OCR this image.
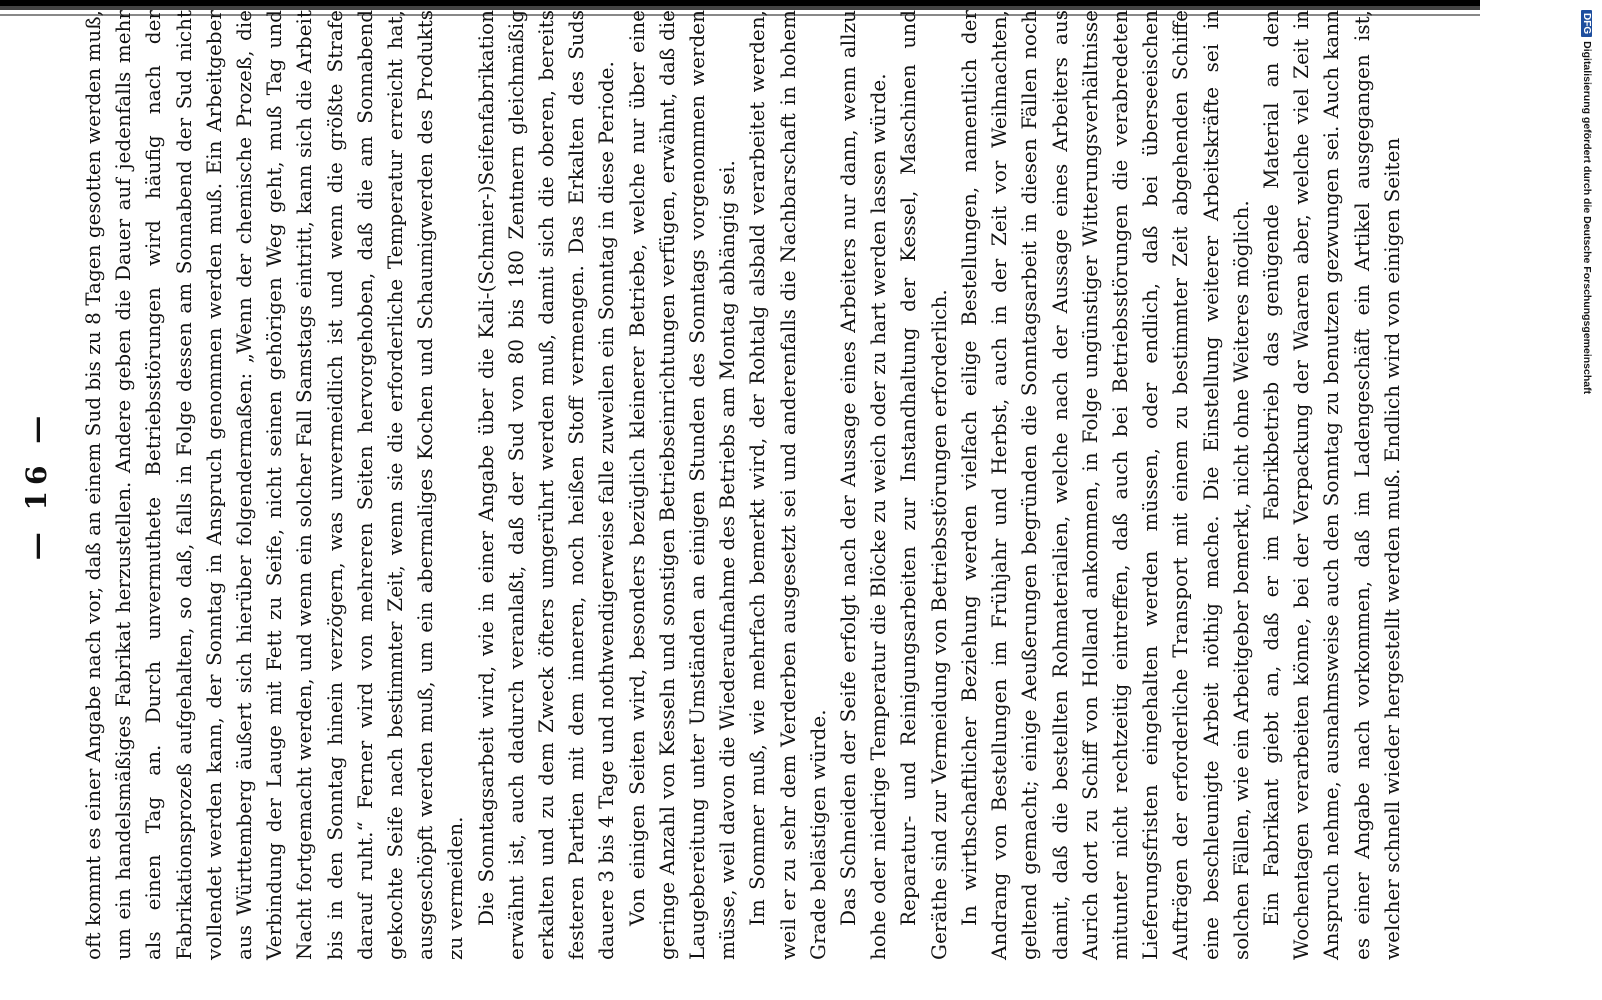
— 16 — oft kommt es einer Angabe nach vor, daß an einem Sud bis zu 8 Tagen gesotten werden muß, um ein handelsmäßiges Fabrikat herzustellen. Andere geben die Dauer auf jedenfalls mehr als einen Tag an. Durch unvermuthete Betriebsstörungen wird häufig nach der Fabrikationsprozeß aufgehalten, so daß, falls in Folge dessen am Sonnabend der Sud nicht vollendet werden kann, der Sonntag in Anspruch genommen werden muß. Ein Arbeitgeber aus Württemberg äußert sich hierüber folgendermaßen: „Wenn der chemische Prozeß, die Verbindung der Lauge mit Fett zu Seife, nicht seinen gehörigen Weg geht, muß Tag und Nacht fortgemacht werden, und wenn ein solcher Fall Samstags eintritt, kann sich die Arbeit bis in den Sonntag hinein verzögern, was unvermeidlich ist und wenn die größte Strafe darauf ruht.“ Ferner wird von mehreren Seiten hervorgehoben, daß die am Sonnabend gekochte Seife nach bestimmter Zeit, wenn sie die erforderliche Temperatur erreicht hat, ausgeschöpft werden muß, um ein abermaliges Kochen und Schaumigwerden des Produkts zu vermeiden. Die Sonntagsarbeit wird, wie in einer Angabe über die Kali-(Schmier-)Seifenfabrikation erwähnt ist, auch dadurch veranlaßt, daß der Sud von 80 bis 180 Zentnern gleichmäßig erkalten und zu dem Zweck öfters umgerührt werden muß, damit sich die oberen, bereits festeren Partien mit dem inneren, noch heißen Stoff vermengen. Das Erkalten des Suds dauere 3 bis 4 Tage und nothwendigerweise falle zuweilen ein Sonntag in diese Periode. Von einigen Seiten wird, besonders bezüglich kleinerer Betriebe, welche nur über eine geringe Anzahl von Kesseln und sonstigen Betriebseinrichtungen verfügen, erwähnt, daß die Laugebereitung unter Umständen an einigen Stunden des Sonntags vorgenommen werden müsse, weil davon die Wiederaufnahme des Betriebs am Montag abhängig sei. Im Sommer muß, wie mehrfach bemerkt wird, der Rohtalg alsbald verarbeitet werden, weil er zu sehr dem Verderben ausgesetzt sei und anderenfalls die Nachbarschaft in hohem Grade belästigen würde. Das Schneiden der Seife erfolgt nach der Aussage eines Arbeiters nur dann, wenn allzu hohe oder niedrige Temperatur die Blöcke zu weich oder zu hart werden lassen würde. Reparatur- und Reinigungsarbeiten zur Instandhaltung der Kessel, Maschinen und Geräthe sind zur Vermeidung von Betriebsstörungen erforderlich. In wirthschaftlicher Beziehung werden vielfach eilige Bestellungen, namentlich der Andrang von Bestellungen im Frühjahr und Herbst, auch in der Zeit vor Weihnachten, geltend gemacht; einige Aeußerungen begründen die Sonntagsarbeit in diesen Fällen noch damit, daß die bestellten Rohmaterialien, welche nach der Aussage eines Arbeiters aus Aurich dort zu Schiff von Holland ankommen, in Folge ungünstiger Witterungsverhältnisse mitunter nicht rechtzeitig eintreffen, daß auch bei Betriebsstörungen die verabredeten Lieferungsfristen eingehalten werden müssen, oder endlich, daß bei überseeischen Aufträgen der erforderliche Transport mit einem zu bestimmter Zeit abgehenden Schiffe eine beschleunigte Arbeit nöthig mache. Die Einstellung weiterer Arbeitskräfte sei in solchen Fällen, wie ein Arbeitgeber bemerkt, nicht ohne Weiteres möglich. Ein Fabrikant giebt an, daß er im Fabrikbetrieb das genügende Material an den Wochentagen verarbeiten könne, bei der Verpackung der Waaren aber, welche viel Zeit in Anspruch nehme, ausnahmsweise auch den Sonntag zu benutzen gezwungen sei. Auch kann es einer Angabe nach vorkommen, daß im Ladengeschäft ein Artikel ausgegangen ist, welcher schnell wieder hergestellt werden muß. Endlich wird von einigen Seiten

DFGDigitalisierung gefördert durch die Deutsche Forschungsgemeinschaft
